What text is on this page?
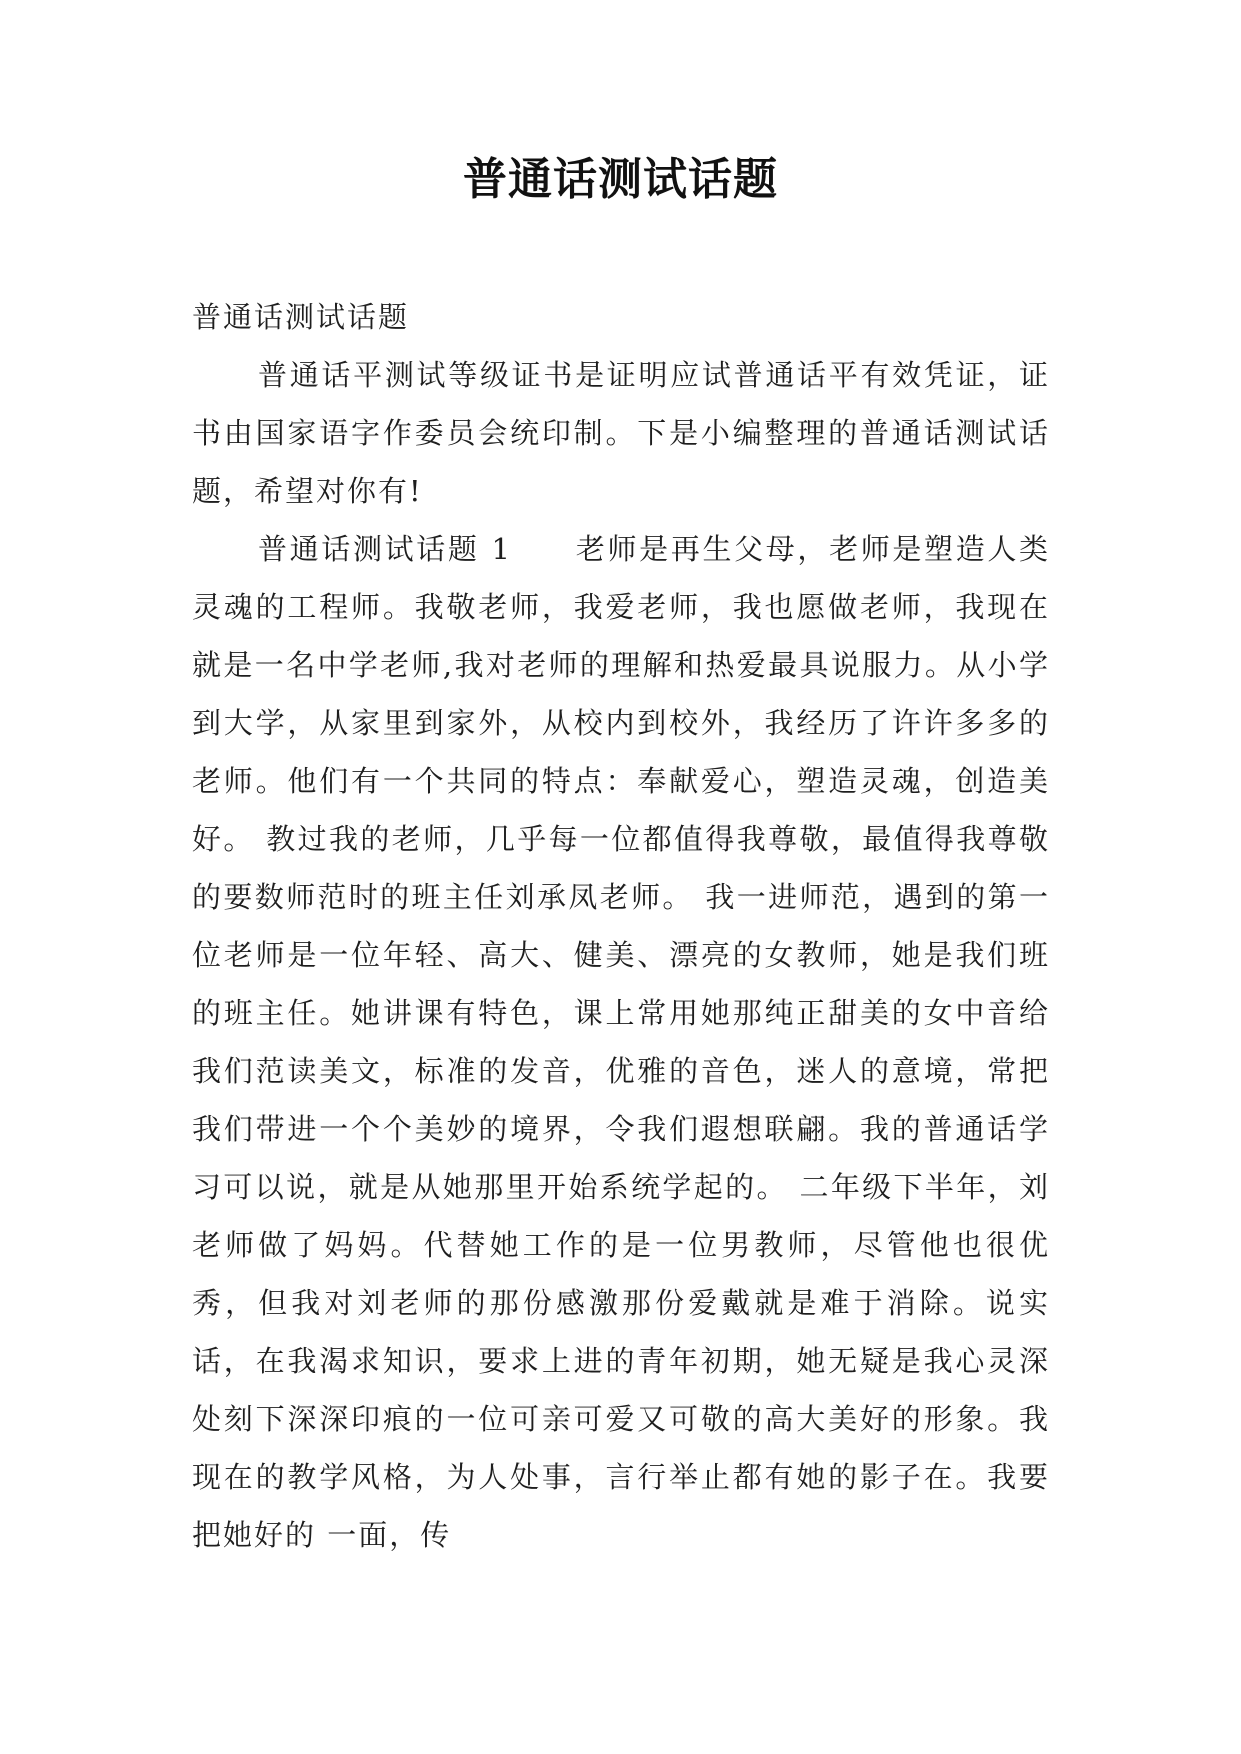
普通话测试话题

普通话测试话题

普通话平测试等级证书是证明应试普通话平有效凭证，证书由国家语字作委员会统印制。下是小编整理的普通话测试话题，希望对你有!

普通话测试话题 1　　老师是再生父母，老师是塑造人类灵魂的工程师。我敬老师，我爱老师，我也愿做老师，我现在就是一名中学老师,我对老师的理解和热爱最具说服力。从小学到大学，从家里到家外，从校内到校外，我经历了许许多多的老师。他们有一个共同的特点：奉献爱心，塑造灵魂，创造美好。 教过我的老师，几乎每一位都值得我尊敬，最值得我尊敬的要数师范时的班主任刘承凤老师。 我一进师范，遇到的第一位老师是一位年轻、高大、健美、漂亮的女教师，她是我们班的班主任。她讲课有特色，课上常用她那纯正甜美的女中音给我们范读美文，标准的发音，优雅的音色，迷人的意境，常把我们带进一个个美妙的境界，令我们遐想联翩。我的普通话学习可以说，就是从她那里开始系统学起的。 二年级下半年，刘老师做了妈妈。代替她工作的是一位男教师，尽管他也很优秀，但我对刘老师的那份感激那份爱戴就是难于消除。说实话，在我渴求知识，要求上进的青年初期，她无疑是我心灵深处刻下深深印痕的一位可亲可爱又可敬的高大美好的形象。我现在的教学风格，为人处事，言行举止都有她的影子在。我要把她好的 一面，传
